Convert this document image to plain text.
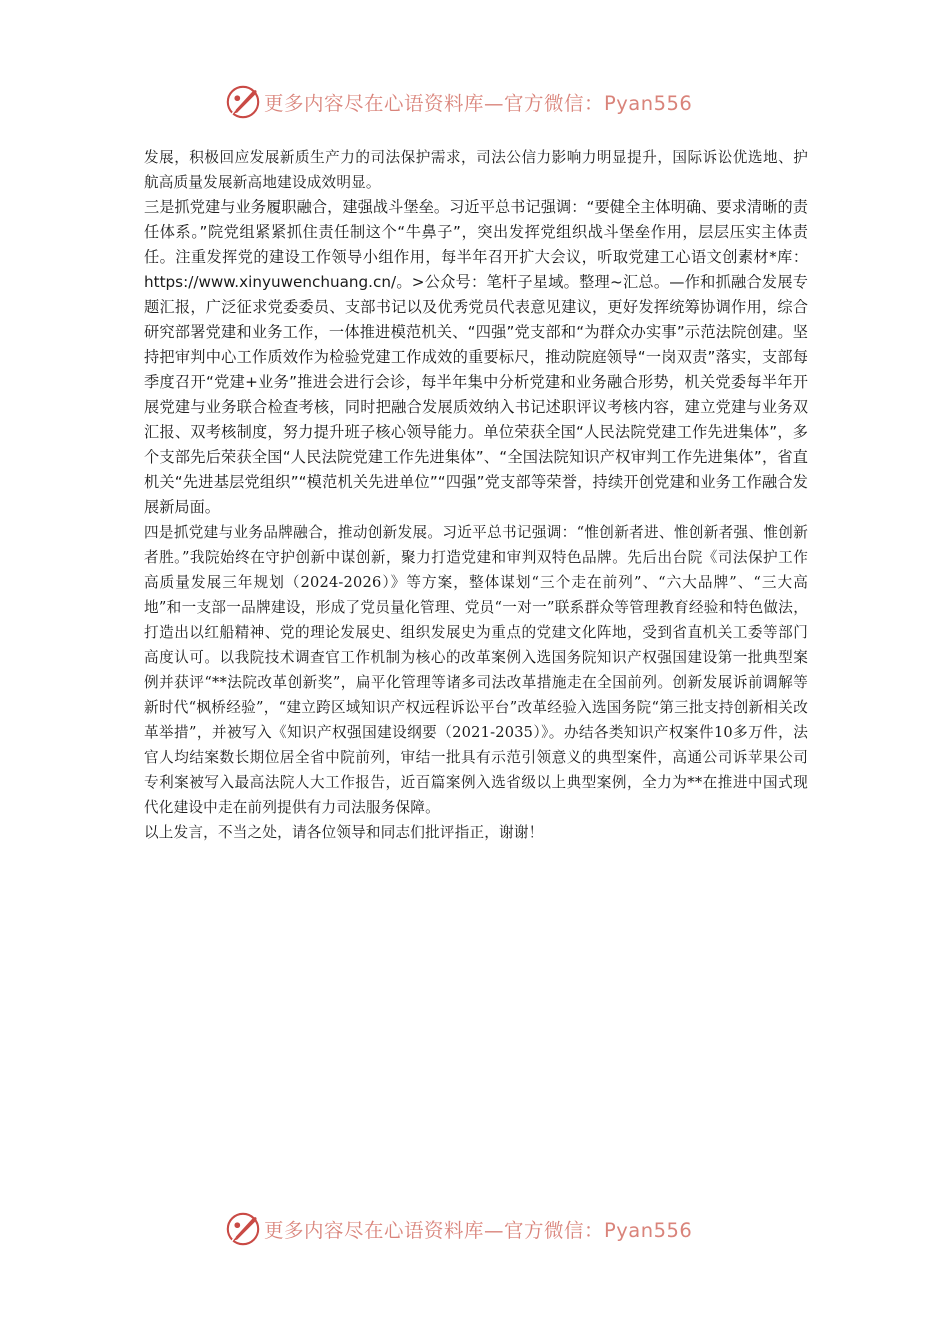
更多内容尽在心语资料库—官方微信：Pyan556

发展，积极回应发展新质生产力的司法保护需求，司法公信力影响力明显提升，国际诉讼优选地、护航高质量发展新高地建设成效明显。

三是抓党建与业务履职融合，建强战斗堡垒。习近平总书记强调：“要健全主体明确、要求清晰的责任体系。”院党组紧紧抓住责任制这个“牛鼻子”，突出发挥党组织战斗堡垒作用，层层压实主体责任。注重发挥党的建设工作领导小组作用，每半年召开扩大会议，听取党建工心语文创素材*库：https://www.xinyuwenchuang.cn/。>公众号：笔杆子星域。整理~汇总。—作和抓融合发展专题汇报，广泛征求党委委员、支部书记以及优秀党员代表意见建议，更好发挥统筹协调作用，综合研究部署党建和业务工作，一体推进模范机关、“四强”党支部和“为群众办实事”示范法院创建。坚持把审判中心工作质效作为检验党建工作成效的重要标尺，推动院庭领导“一岗双责”落实，支部每季度召开“党建+业务”推进会进行会诊，每半年集中分析党建和业务融合形势，机关党委每半年开展党建与业务联合检查考核，同时把融合发展质效纳入书记述职评议考核内容，建立党建与业务双汇报、双考核制度，努力提升班子核心领导能力。单位荣获全国“人民法院党建工作先进集体”，多个支部先后荣获全国“人民法院党建工作先进集体”、“全国法院知识产权审判工作先进集体”，省直机关“先进基层党组织”“模范机关先进单位”“四强”党支部等荣誉，持续开创党建和业务工作融合发展新局面。

四是抓党建与业务品牌融合，推动创新发展。习近平总书记强调：“惟创新者进、惟创新者强、惟创新者胜。”我院始终在守护创新中谋创新，聚力打造党建和审判双特色品牌。先后出台院《司法保护工作高质量发展三年规划（2024-2026）》等方案，整体谋划“三个走在前列”、“六大品牌”、“三大高地”和一支部一品牌建设，形成了党员量化管理、党员“一对一”联系群众等管理教育经验和特色做法，打造出以红船精神、党的理论发展史、组织发展史为重点的党建文化阵地，受到省直机关工委等部门高度认可。以我院技术调查官工作机制为核心的改革案例入选国务院知识产权强国建设第一批典型案例并获评“**法院改革创新奖”，扁平化管理等诸多司法改革措施走在全国前列。创新发展诉前调解等新时代“枫桥经验”，“建立跨区域知识产权远程诉讼平台”改革经验入选国务院“第三批支持创新相关改革举措”，并被写入《知识产权强国建设纲要（2021-2035）》。办结各类知识产权案件10多万件，法官人均结案数长期位居全省中院前列，审结一批具有示范引领意义的典型案件，高通公司诉苹果公司专利案被写入最高法院人大工作报告，近百篇案例入选省级以上典型案例，全力为**在推进中国式现代化建设中走在前列提供有力司法服务保障。

以上发言，不当之处，请各位领导和同志们批评指正，谢谢！

更多内容尽在心语资料库—官方微信：Pyan556
